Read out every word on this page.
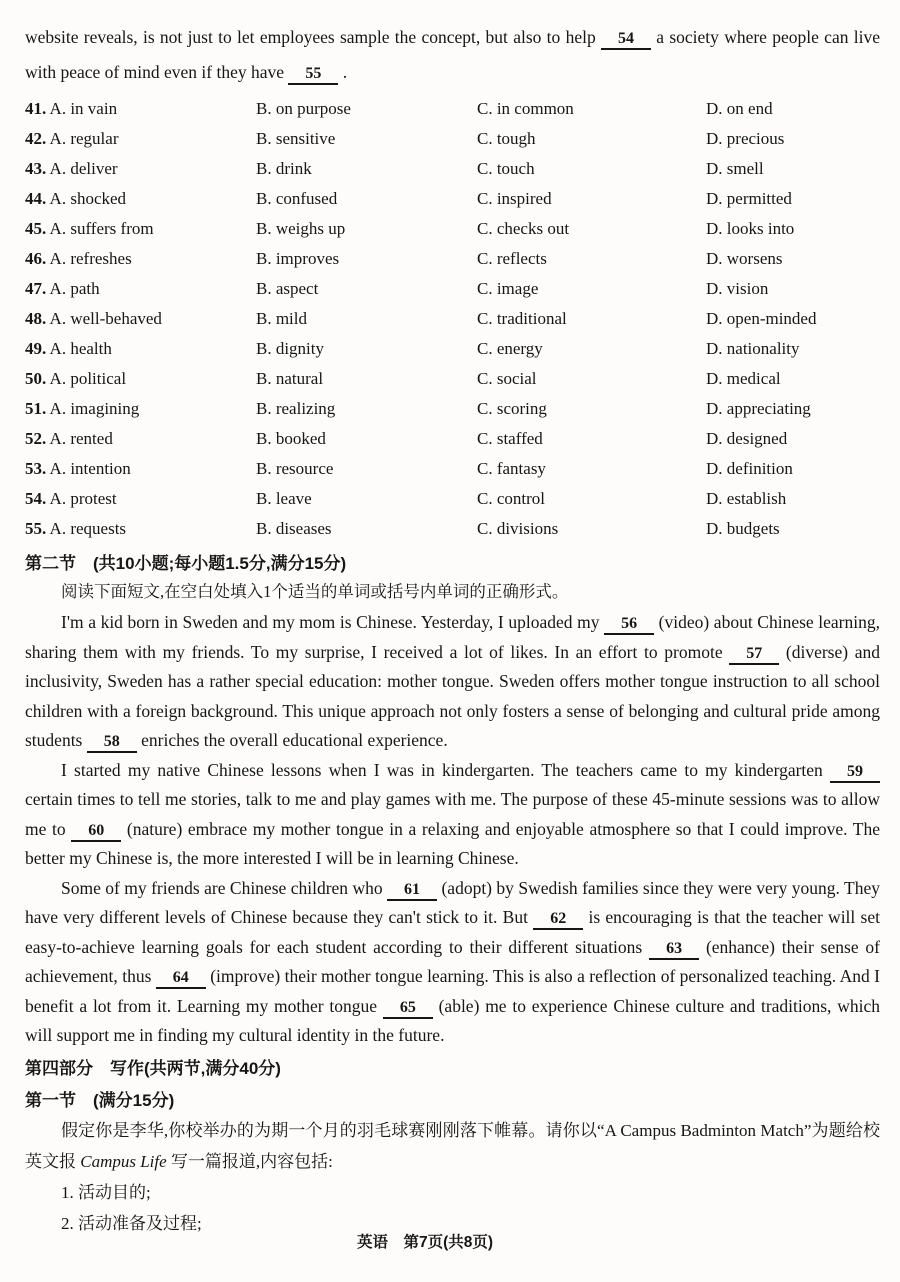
website reveals, is not just to let employees sample the concept, but also to help 54 a society where people can live with peace of mind even if they have 55 .

41. A. in vain	B. on purpose	C. in common	D. on end
42. A. regular	B. sensitive	C. tough	D. precious
43. A. deliver	B. drink	C. touch	D. smell
44. A. shocked	B. confused	C. inspired	D. permitted
45. A. suffers from	B. weighs up	C. checks out	D. looks into
46. A. refreshes	B. improves	C. reflects	D. worsens
47. A. path	B. aspect	C. image	D. vision
48. A. well-behaved	B. mild	C. traditional	D. open-minded
49. A. health	B. dignity	C. energy	D. nationality
50. A. political	B. natural	C. social	D. medical
51. A. imagining	B. realizing	C. scoring	D. appreciating
52. A. rented	B. booked	C. staffed	D. designed
53. A. intention	B. resource	C. fantasy	D. definition
54. A. protest	B. leave	C. control	D. establish
55. A. requests	B. diseases	C. divisions	D. budgets
第二节　(共10小题;每小题1.5分,满分15分)

阅读下面短文,在空白处填入1个适当的单词或括号内单词的正确形式。

I'm a kid born in Sweden and my mom is Chinese. Yesterday, I uploaded my 56 (video) about Chinese learning, sharing them with my friends. To my surprise, I received a lot of likes. In an effort to promote 57 (diverse) and inclusivity, Sweden has a rather special education: mother tongue. Sweden offers mother tongue instruction to all school children with a foreign background. This unique approach not only fosters a sense of belonging and cultural pride among students 58 enriches the overall educational experience.

I started my native Chinese lessons when I was in kindergarten. The teachers came to my kindergarten 59 certain times to tell me stories, talk to me and play games with me. The purpose of these 45-minute sessions was to allow me to 60 (nature) embrace my mother tongue in a relaxing and enjoyable atmosphere so that I could improve. The better my Chinese is, the more interested I will be in learning Chinese.

Some of my friends are Chinese children who 61 (adopt) by Swedish families since they were very young. They have very different levels of Chinese because they can't stick to it. But 62 is encouraging is that the teacher will set easy-to-achieve learning goals for each student according to their different situations 63 (enhance) their sense of achievement, thus 64 (improve) their mother tongue learning. This is also a reflection of personalized teaching. And I benefit a lot from it. Learning my mother tongue 65 (able) me to experience Chinese culture and traditions, which will support me in finding my cultural identity in the future.

第四部分　写作(共两节,满分40分)
第一节　(满分15分)

假定你是李华,你校举办的为期一个月的羽毛球赛刚刚落下帷幕。请你以“A Campus Badminton Match”为题给校英文报 Campus Life 写一篇报道,内容包括:

1. 活动目的;

2. 活动准备及过程;

英语　第7页(共8页)
